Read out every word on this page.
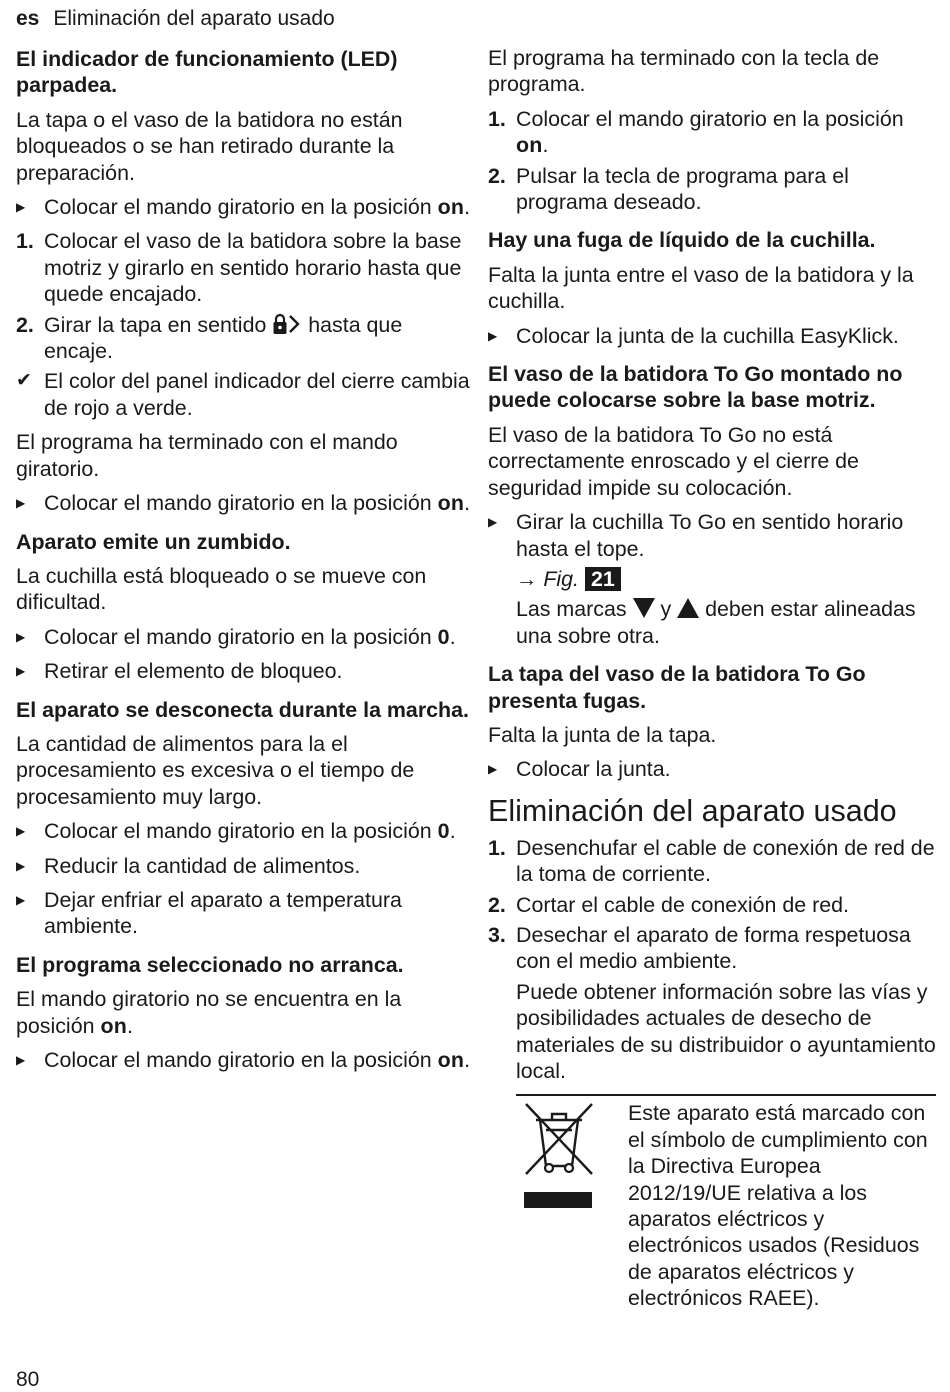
es Eliminación del aparato usado
El indicador de funcionamiento (LED) parpadea.
La tapa o el vaso de la batidora no están bloqueados o se han retirado durante la preparación.
▶ Colocar el mando giratorio en la posición on.
1. Colocar el vaso de la batidora sobre la base motriz y girarlo en sentido horario hasta que quede encajado.
2. Girar la tapa en sentido hasta que encaje.
✔ El color del panel indicador del cierre cambia de rojo a verde.
El programa ha terminado con el mando giratorio.
▶ Colocar el mando giratorio en la posición on.
Aparato emite un zumbido.
La cuchilla está bloqueado o se mueve con dificultad.
▶ Colocar el mando giratorio en la posición 0.
▶ Retirar el elemento de bloqueo.
El aparato se desconecta durante la marcha.
La cantidad de alimentos para la el procesamiento es excesiva o el tiempo de procesamiento muy largo.
▶ Colocar el mando giratorio en la posición 0.
▶ Reducir la cantidad de alimentos.
▶ Dejar enfriar el aparato a temperatura ambiente.
El programa seleccionado no arranca.
El mando giratorio no se encuentra en la posición on.
▶ Colocar el mando giratorio en la posición on.
El programa ha terminado con la tecla de programa.
1. Colocar el mando giratorio en la posición on.
2. Pulsar la tecla de programa para el programa deseado.
Hay una fuga de líquido de la cuchilla.
Falta la junta entre el vaso de la batidora y la cuchilla.
▶ Colocar la junta de la cuchilla EasyKlick.
El vaso de la batidora To Go montado no puede colocarse sobre la base motriz.
El vaso de la batidora To Go no está correctamente enroscado y el cierre de seguridad impide su colocación.
▶ Girar la cuchilla To Go en sentido horario hasta el tope.
→ Fig. 21
Las marcas y deben estar alineadas una sobre otra.
La tapa del vaso de la batidora To Go presenta fugas.
Falta la junta de la tapa.
▶ Colocar la junta.
Eliminación del aparato usado
1. Desenchufar el cable de conexión de red de la toma de corriente.
2. Cortar el cable de conexión de red.
3. Desechar el aparato de forma respetuosa con el medio ambiente.
Puede obtener información sobre las vías y posibilidades actuales de desecho de materiales de su distribuidor o ayuntamiento local.
Este aparato está marcado con el símbolo de cumplimiento con la Directiva Europea 2012/19/UE relativa a los aparatos eléctricos y electrónicos usados (Residuos de aparatos eléctricos y electrónicos RAEE).
80
